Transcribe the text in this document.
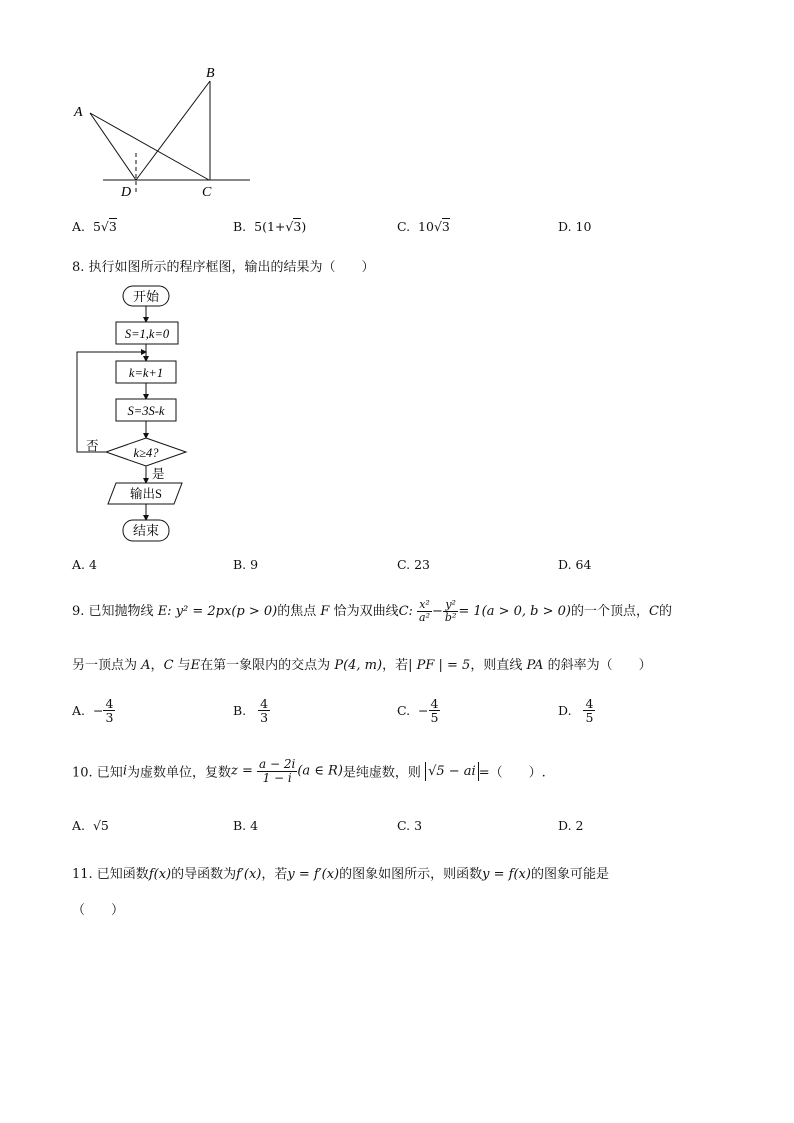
A
B
C
D
A. 5√3	B. 5(1+√3)	C. 10√3	D. 10
8. 执行如图所示的程序框图，输出的结果为（　　）
开始
S=1,k=0
k=k+1
S=3S-k
k≥4?
否
是
输出S
结束
A. 4	B. 9	C. 23	D. 64
9. 已知抛物线 E: y² = 2px(p > 0)的焦点 F 恰为双曲线C: $\frac{\text{x²}}{\text{a²}} - \frac{\text{y²}}{\text{b²}} = 1(a > 0$, b > 0)的一个顶点，C的
另一顶点为 A，C 与E在第一象限内的交点为 P(4, m)，若| PF | = 5，则直线 PA 的斜率为（　　）
A. − $\frac{4}{3}$	B. $\frac{4}{3}$	C. − $\frac{4}{5}$	D. $\frac{4}{5}$
10. 已知i为虚数单位，复数$z = \frac{a - 2i}{1 - i} (a$ ∈ R)是纯虚数，则 √5 − ai =（　　）.
A. √5	B. 4	C. 3	D. 2
11. 已知函数f(x)的导函数为f′(x)，若y = f′(x)的图象如图所示，则函数y = f(x)的图象可能是
（　　）
